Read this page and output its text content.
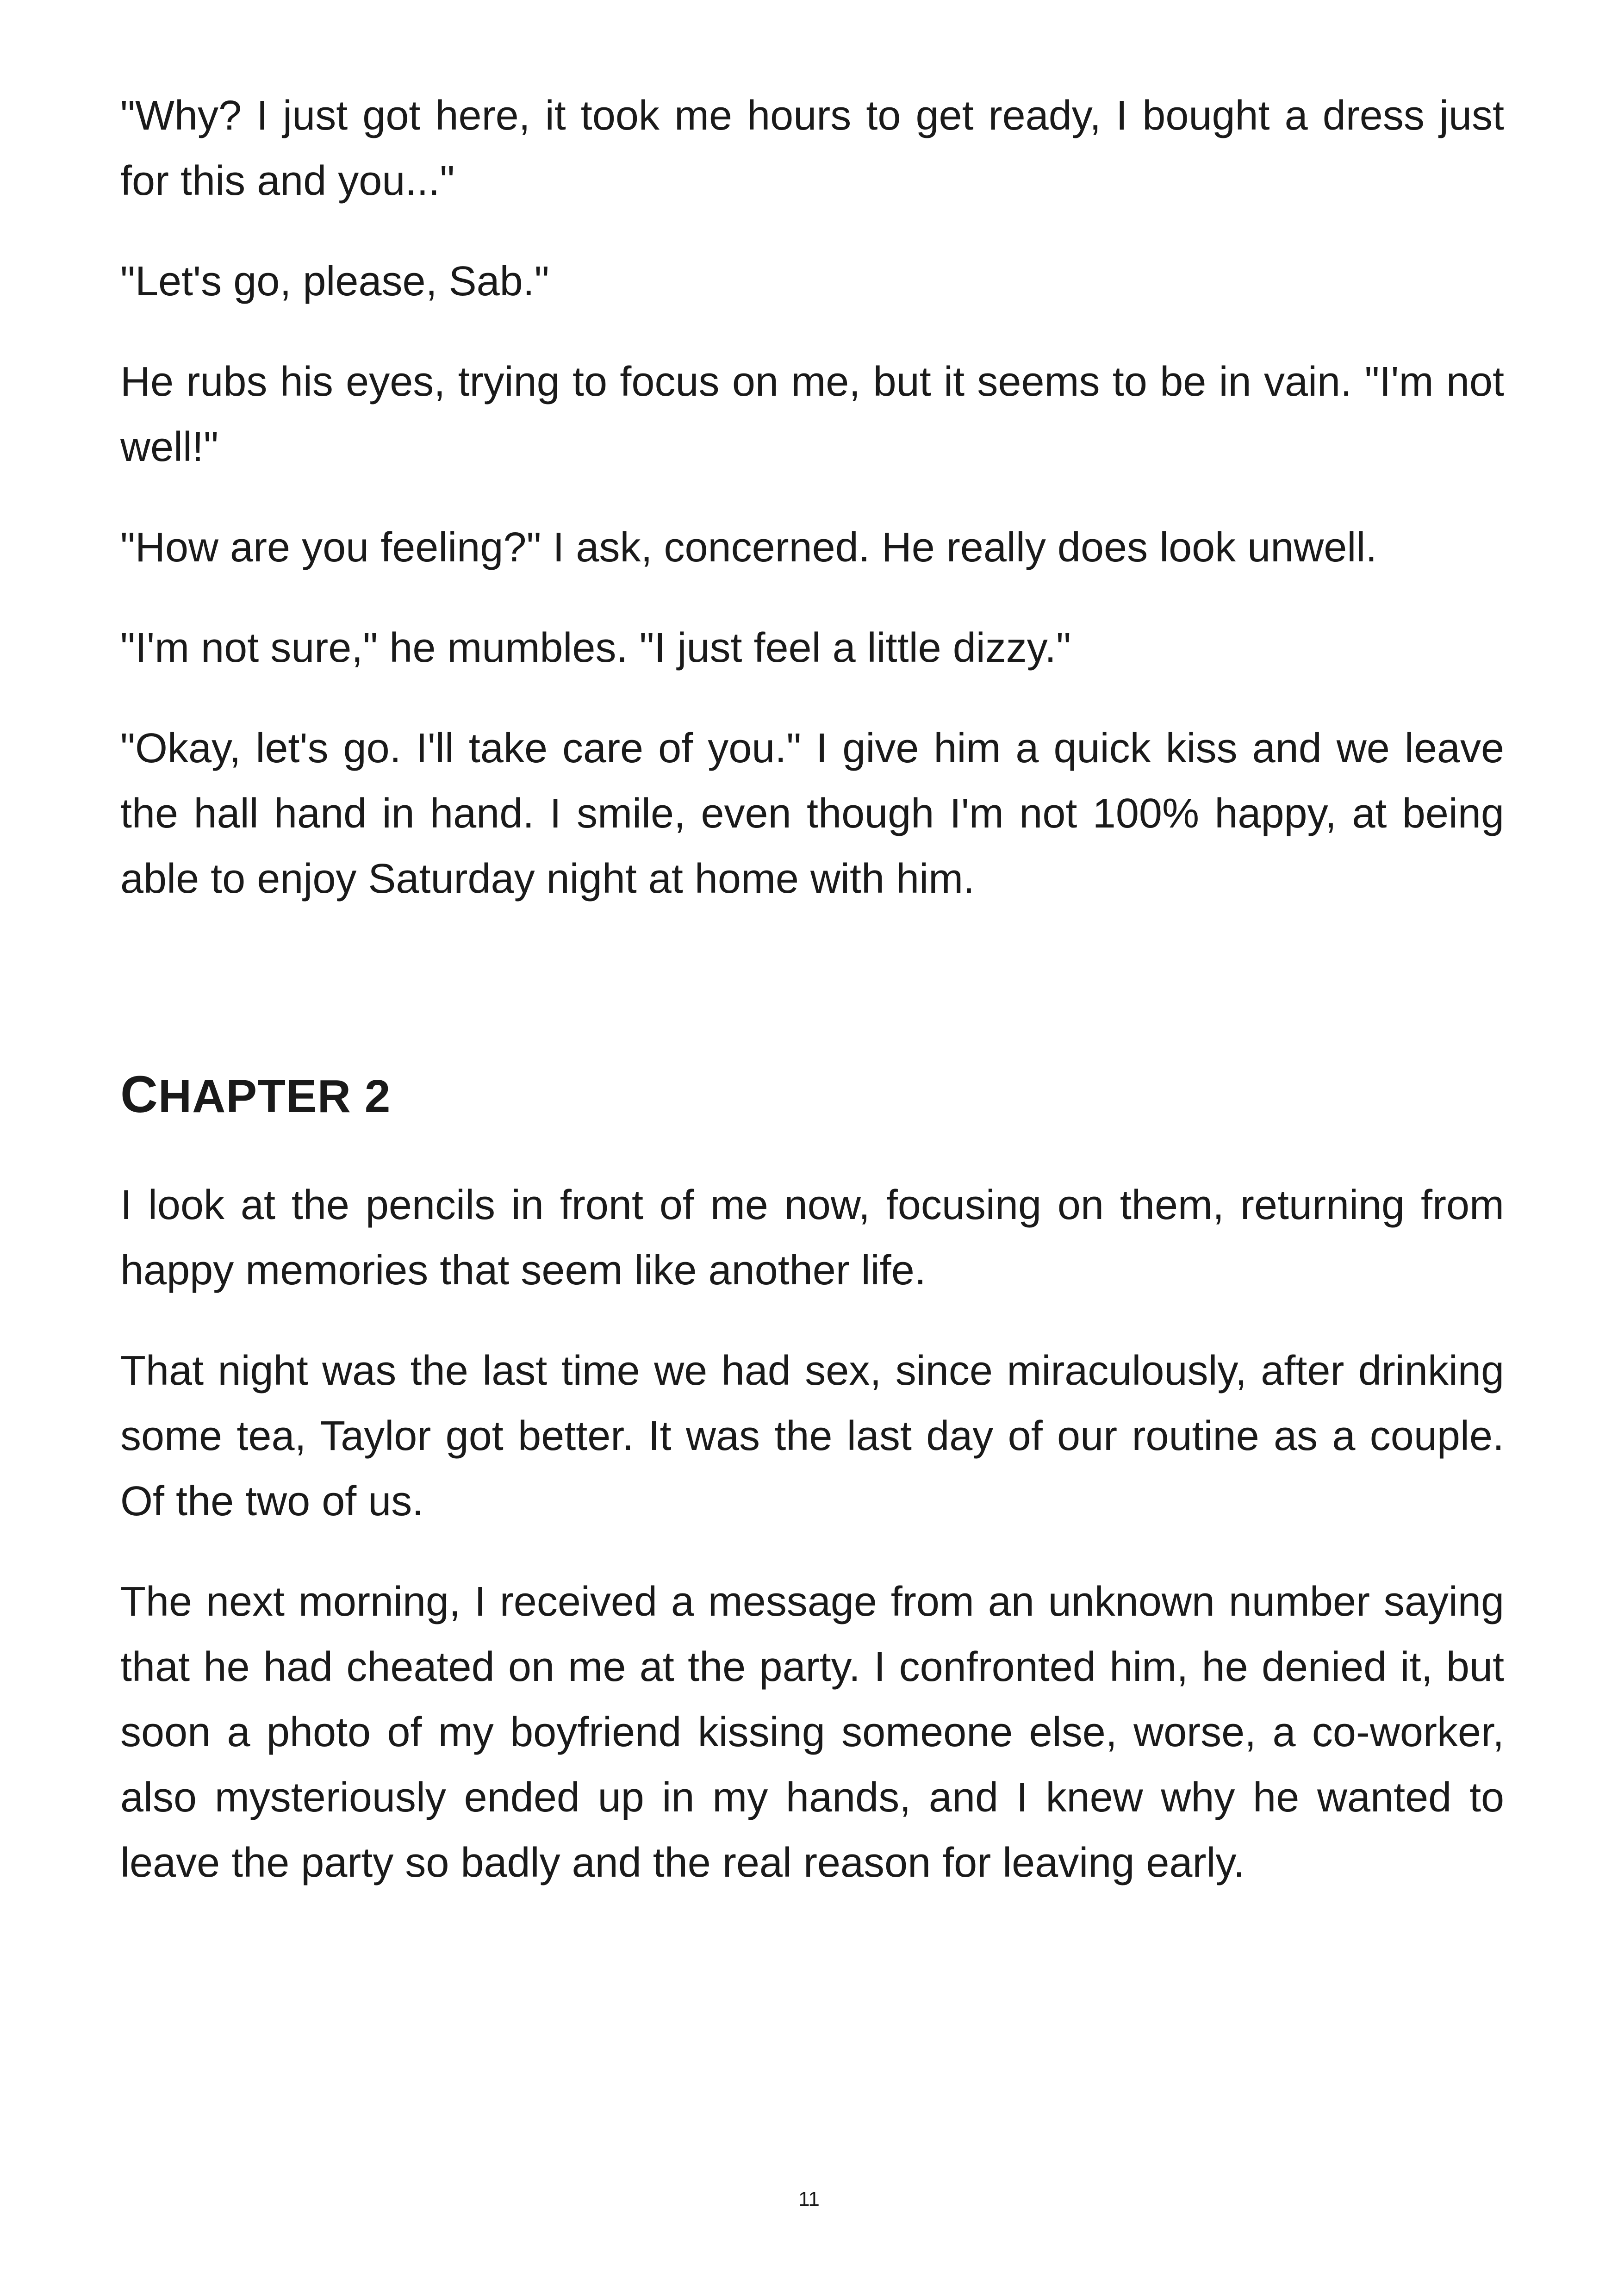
"Why? I just got here, it took me hours to get ready, I bought a dress just for this and you..."

"Let's go, please, Sab."

He rubs his eyes, trying to focus on me, but it seems to be in vain. "I'm not well!"

"How are you feeling?" I ask, concerned. He really does look unwell.

"I'm not sure," he mumbles. "I just feel a little dizzy."

"Okay, let's go. I'll take care of you." I give him a quick kiss and we leave the hall hand in hand. I smile, even though I'm not 100% happy, at being able to enjoy Saturday night at home with him.

CHAPTER 2

I look at the pencils in front of me now, focusing on them, returning from happy memories that seem like another life.

That night was the last time we had sex, since miraculously, after drinking some tea, Taylor got better. It was the last day of our routine as a couple. Of the two of us.

The next morning, I received a message from an unknown number saying that he had cheated on me at the party. I confronted him, he denied it, but soon a photo of my boyfriend kissing someone else, worse, a co-worker, also mysteriously ended up in my hands, and I knew why he wanted to leave the party so badly and the real reason for leaving early.

11
